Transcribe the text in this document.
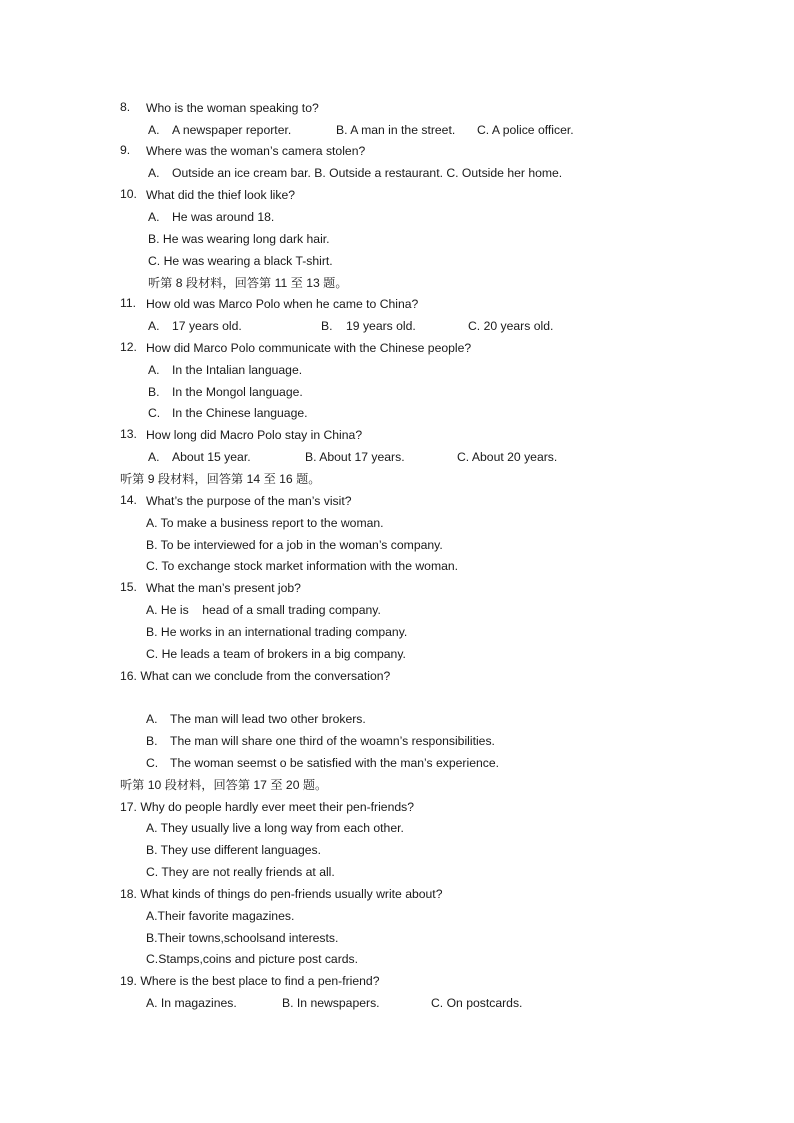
8. Who is the woman speaking to?
A. A newspaper reporter.	B. A man in the street. C. A police officer.
9. Where was the woman’s camera stolen?
A. Outside an ice cream bar. B. Outside a restaurant. C. Outside her home.
10. What did the thief look like?
A. He was around 18.
B. He was wearing long dark hair.
C. He was wearing a black T-shirt.
听第 8 段材料，回答第 11 至 13 题。
11. How old was Marco Polo when he came to China?
A. 17 years old.	B. 19 years old.	C. 20 years old.
12. How did Marco Polo communicate with the Chinese people?
A. In the Intalian language.
B. In the Mongol language.
C. In the Chinese language.
13. How long did Macro Polo stay in China?
A. About 15 year.	B. About 17 years.	C. About 20 years.
听第 9 段材料，回答第 14 至 16 题。
14. What’s the purpose of the man’s visit?
A. To make a business report to the woman.
B. To be interviewed for a job in the woman’s company.
C. To exchange stock market information with the woman.
15. What the man’s present job?
A. He is    head of a small trading company.
B. He works in an international trading company.
C. He leads a team of brokers in a big company.
16. What can we conclude from the conversation?
A. The man will lead two other brokers.
B. The man will share one third of the woamn’s responsibilities.
C. The woman seemst o be satisfied with the man’s experience.
听第 10 段材料，回答第 17 至 20 题。
17. Why do people hardly ever meet their pen-friends?
A. They usually live a long way from each other.
B. They use different languages.
C. They are not really friends at all.
18. What kinds of things do pen-friends usually write about?
A.Their favorite magazines.
B.Their towns,schoolsand interests.
C.Stamps,coins and picture post cards.
19. Where is the best place to find a pen-friend?
A. In magazines.	B. In newspapers.	C. On postcards.
